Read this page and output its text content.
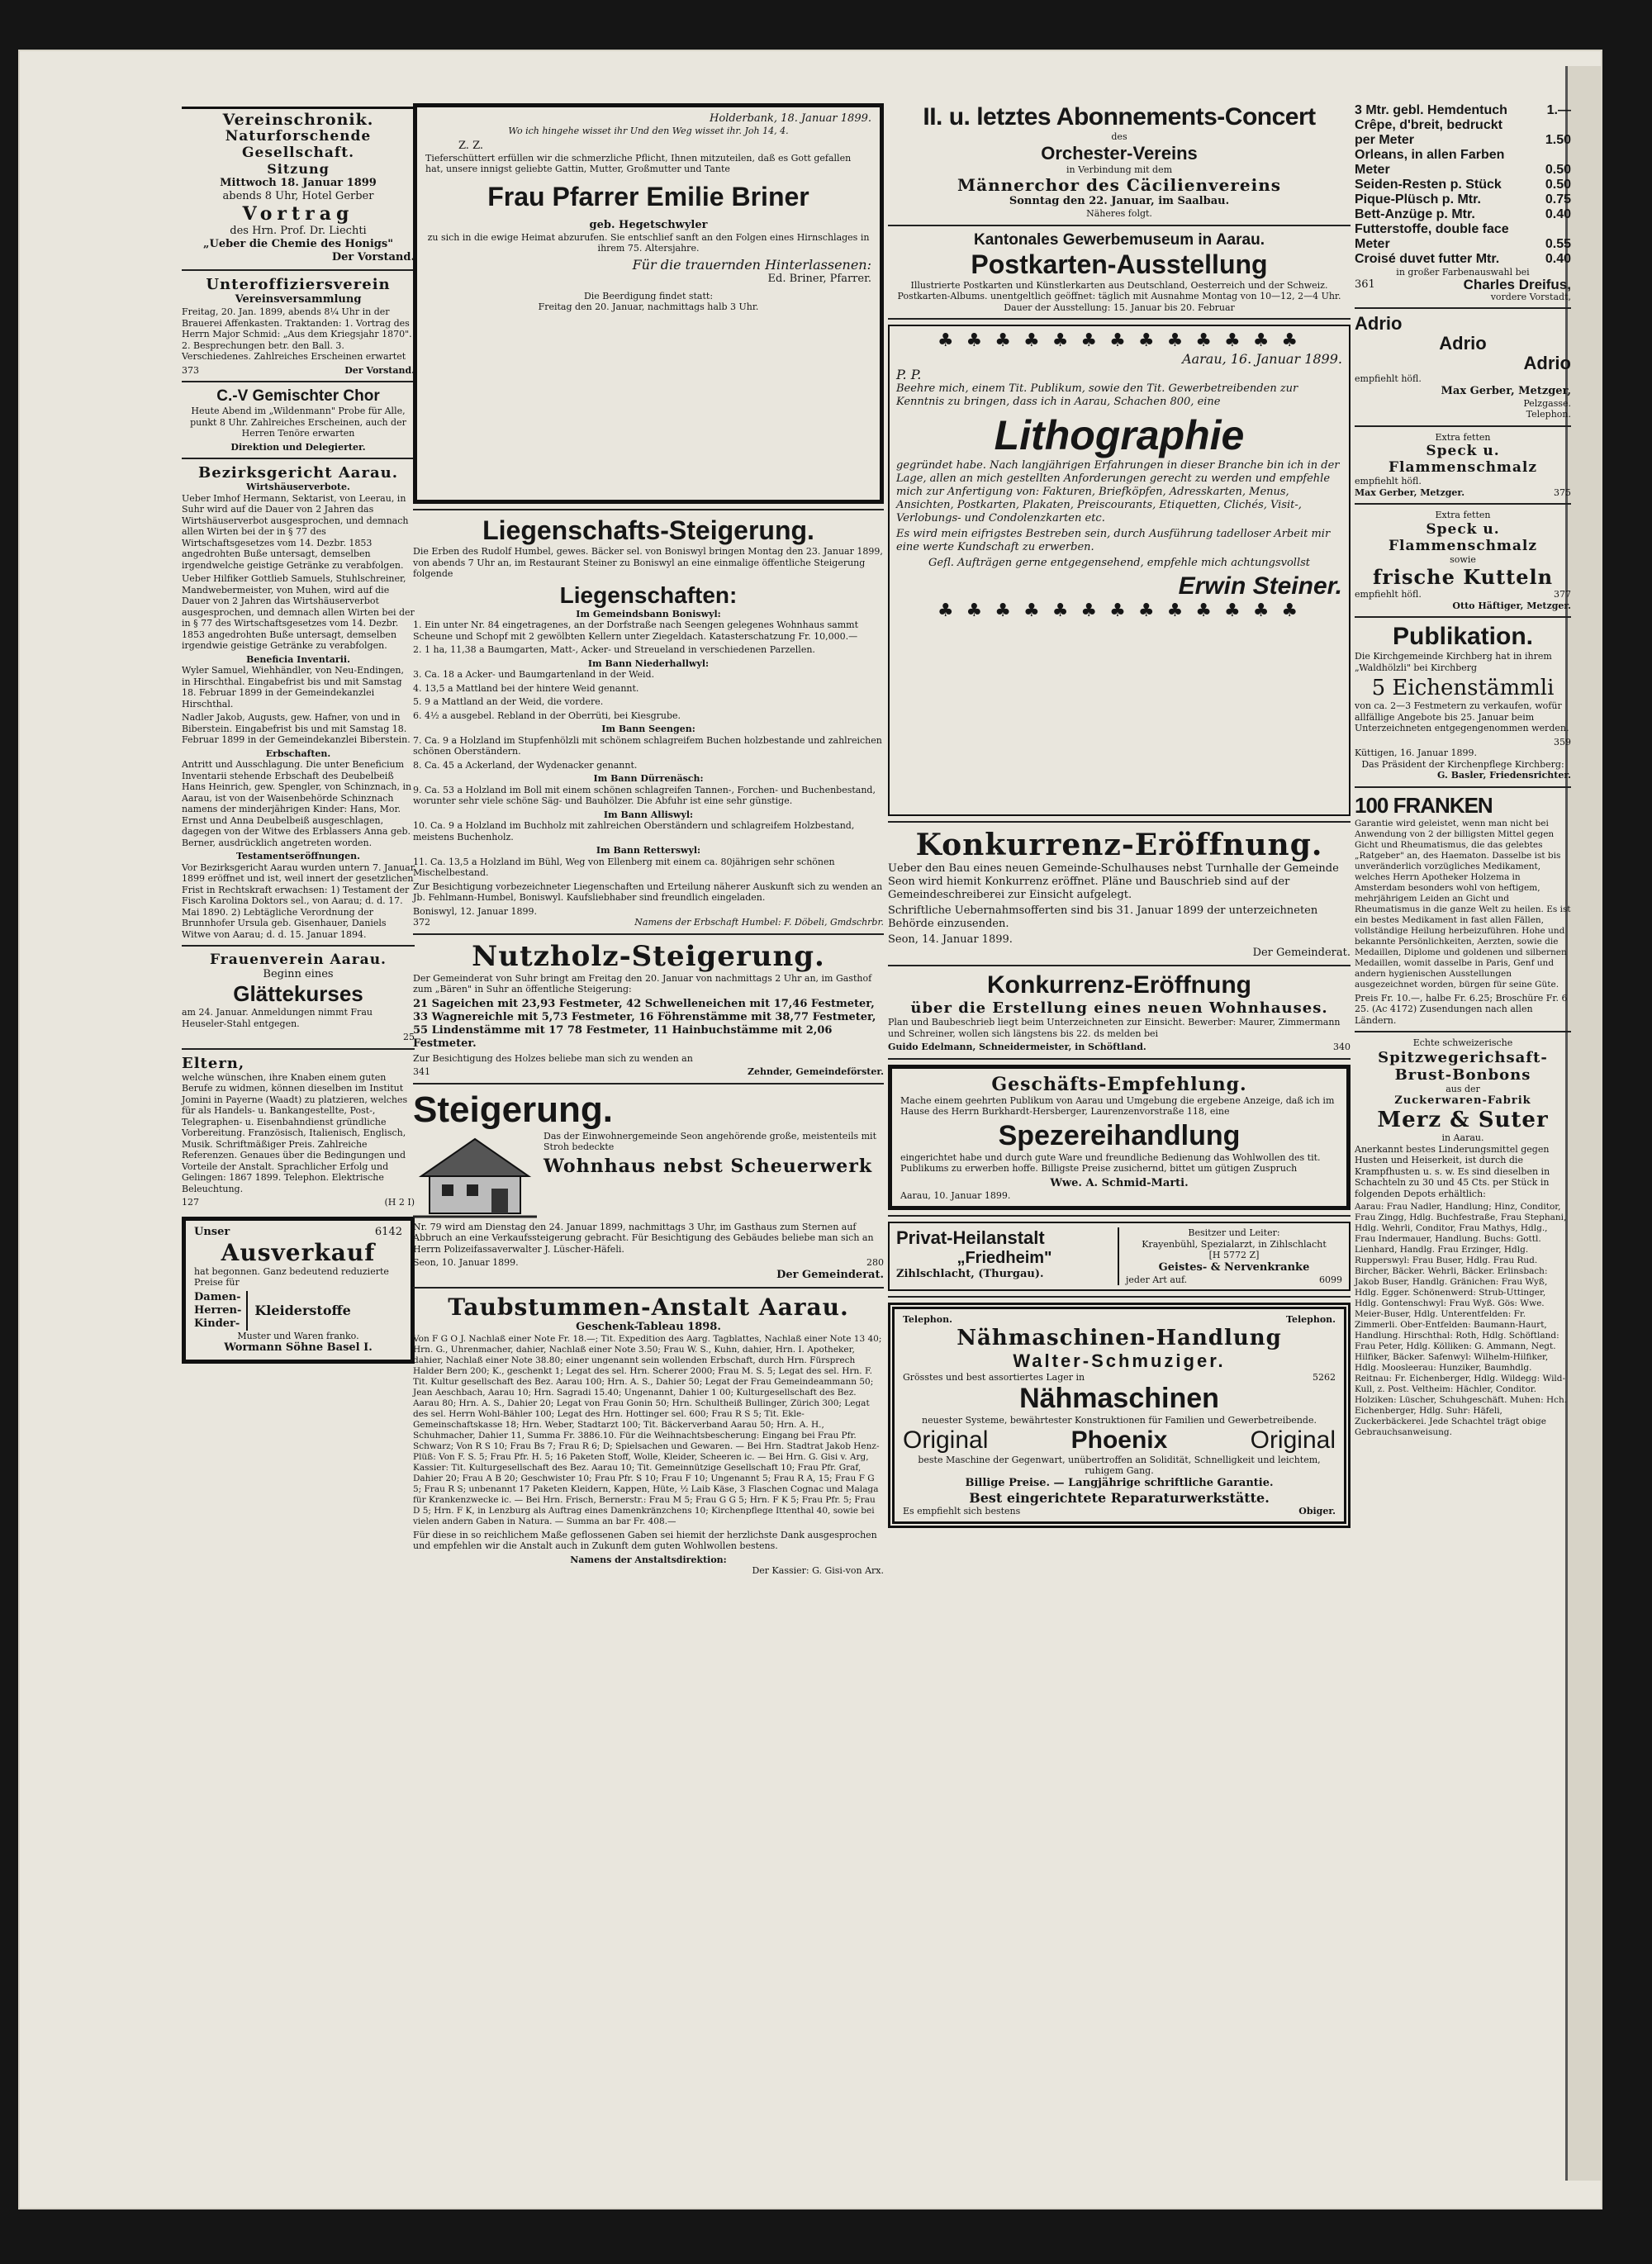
Vereinschronik.
Naturforschende Gesellschaft.
Sitzung
Mittwoch 18. Januar 1899
abends 8 Uhr, Hotel Gerber
Vortrag
des Hrn. Prof. Dr. Liechti
„Ueber die Chemie des Honigs"
Der Vorstand.
Unteroffiziersverein
Vereinsversammlung

Freitag, 20. Jan. 1899, abends 8¼ Uhr in der Brauerei Affenkasten. Traktanden: 1. Vortrag des Herrn Major Schmid: „Aus dem Kriegsjahr 1870". 2. Besprechungen betr. den Ball. 3. Verschiedenes. Zahlreiches Erscheinen erwartet

373	Der Vorstand.
C.-V Gemischter Chor

Heute Abend im „Wildenmann" Probe für Alle, punkt 8 Uhr. Zahlreiches Erscheinen, auch der Herren Tenöre erwarten

Direktion und Delegierter.
Bezirksgericht Aarau.
Wirtshäuserverbote.

Ueber Imhof Hermann, Sektarist, von Leerau, in Suhr wird auf die Dauer von 2 Jahren das Wirtshäuserverbot ausgesprochen, und demnach allen Wirten bei der in § 77 des Wirtschaftsgesetzes vom 14. Dezbr. 1853 angedrohten Buße untersagt, demselben irgendwelche geistige Getränke zu verabfolgen.

Ueber Hilfiker Gottlieb Samuels, Stuhlschreiner, Mandwebermeister, von Muhen, wird auf die Dauer von 2 Jahren das Wirtshäuserverbot ausgesprochen, und demnach allen Wirten bei der in § 77 des Wirtschaftsgesetzes vom 14. Dezbr. 1853 angedrohten Buße untersagt, demselben irgendwie geistige Getränke zu verabfolgen.

Beneficia Inventarii.

Wyler Samuel, Wiehhändler, von Neu-Endingen, in Hirschthal. Eingabefrist bis und mit Samstag 18. Februar 1899 in der Gemeindekanzlei Hirschthal.

Nadler Jakob, Augusts, gew. Hafner, von und in Biberstein. Eingabefrist bis und mit Samstag 18. Februar 1899 in der Gemeindekanzlei Biberstein.

Erbschaften.

Antritt und Ausschlagung. Die unter Beneficium Inventarii stehende Erbschaft des Deubelbeiß Hans Heinrich, gew. Spengler, von Schinznach, in Aarau, ist von der Waisenbehörde Schinznach namens der minderjährigen Kinder: Hans, Mor. Ernst und Anna Deubelbeiß ausgeschlagen, dagegen von der Witwe des Erblassers Anna geb. Berner, ausdrücklich angetreten worden.

Testamentseröffnungen.

Vor Bezirksgericht Aarau wurden untern 7. Januar 1899 eröffnet und ist, weil innert der gesetzlichen Frist in Rechtskraft erwachsen: 1) Testament der Fisch Karolina Doktors sel., von Aarau; d. d. 17. Mai 1890. 2) Lebtägliche Verordnung der Brunnhofer Ursula geb. Gisenhauer, Daniels Witwe von Aarau; d. d. 15. Januar 1894.

Frauenverein Aarau.
Beginn eines
Glättekurses

am 24. Januar. Anmeldungen nimmt Frau Heuseler-Stahl entgegen.

25
Eltern,

welche wünschen, ihre Knaben einem guten Berufe zu widmen, können dieselben im Institut Jomini in Payerne (Waadt) zu platzieren, welches für als Handels- u. Bankangestellte, Post-, Telegraphen- u. Eisenbahndienst gründliche Vorbereitung. Französisch, Italienisch, Englisch, Musik. Schriftmäßiger Preis. Zahlreiche Referenzen. Genaues über die Bedingungen und Vorteile der Anstalt. Sprachlicher Erfolg und Gelingen: 1867 1899. Telephon. Elektrische Beleuchtung.

127	(H 2 I)
Unser	6142
Ausverkauf

hat begonnen. Ganz bedeutend reduzierte Preise für

Damen-
Herren-
Kinder-
Kleiderstoffe
Muster und Waren franko.
Wormann Söhne Basel I.
Holderbank, 18. Januar 1899.

Wo ich hingehe wisset ihr Und den Weg wisset ihr. Joh 14, 4.

Z. Z.

Tieferschüttert erfüllen wir die schmerzliche Pflicht, Ihnen mitzuteilen, daß es Gott gefallen hat, unsere innigst geliebte Gattin, Mutter, Großmutter und Tante

Frau Pfarrer Emilie Briner
geb. Hegetschwyler

zu sich in die ewige Heimat abzurufen. Sie entschlief sanft an den Folgen eines Hirnschlages in ihrem 75. Altersjahre.

Für die trauernden Hinterlassenen:
Ed. Briner, Pfarrer.
Die Beerdigung findet statt:
Freitag den 20. Januar, nachmittags halb 3 Uhr.
Liegenschafts-Steigerung.

Die Erben des Rudolf Humbel, gewes. Bäcker sel. von Boniswyl bringen Montag den 23. Januar 1899, von abends 7 Uhr an, im Restaurant Steiner zu Boniswyl an eine einmalige öffentliche Steigerung folgende

Liegenschaften:
Im Gemeindsbann Boniswyl:

1. Ein unter Nr. 84 eingetragenes, an der Dorfstraße nach Seengen gelegenes Wohnhaus sammt Scheune und Schopf mit 2 gewölbten Kellern unter Ziegeldach. Katasterschatzung Fr. 10,000.—

2. 1 ha, 11,38 a Baumgarten, Matt-, Acker- und Streueland in verschiedenen Parzellen.

Im Bann Niederhallwyl:

3. Ca. 18 a Acker- und Baumgartenland in der Weid.

4. 13,5 a Mattland bei der hintere Weid genannt.

5. 9 a Mattland an der Weid, die vordere.

6. 4½ a ausgebel. Rebland in der Oberrüti, bei Kiesgrube.

Im Bann Seengen:

7. Ca. 9 a Holzland im Stupfenhölzli mit schönem schlagreifem Buchen holzbestande und zahlreichen schönen Oberständern.

8. Ca. 45 a Ackerland, der Wydenacker genannt.

Im Bann Dürrenäsch:

9. Ca. 53 a Holzland im Boll mit einem schönen schlagreifen Tannen-, Forchen- und Buchenbestand, worunter sehr viele schöne Säg- und Bauhölzer. Die Abfuhr ist eine sehr günstige.

Im Bann Alliswyl:

10. Ca. 9 a Holzland im Buchholz mit zahlreichen Oberständern und schlagreifem Holzbestand, meistens Buchenholz.

Im Bann Retterswyl:

11. Ca. 13,5 a Holzland im Bühl, Weg von Ellenberg mit einem ca. 80jährigen sehr schönen Mischelbestand.

Zur Besichtigung vorbezeichneter Liegenschaften und Erteilung näherer Auskunft sich zu wenden an Jb. Fehlmann-Humbel, Boniswyl. Kaufsliebhaber sind freundlich eingeladen.

Boniswyl, 12. Januar 1899.
372	Namens der Erbschaft Humbel: F. Döbeli, Gmdschrbr.
Nutzholz-Steigerung.

Der Gemeinderat von Suhr bringt am Freitag den 20. Januar von nachmittags 2 Uhr an, im Gasthof zum „Bären" in Suhr an öffentliche Steigerung:

21 Sageichen mit 23,93 Festmeter, 42 Schwelleneichen mit 17,46 Festmeter, 33 Wagnereichle mit 5,73 Festmeter, 16 Föhrenstämme mit 38,77 Festmeter, 55 Lindenstämme mit 17 78 Festmeter, 11 Hainbuchstämme mit 2,06 Festmeter.

Zur Besichtigung des Holzes beliebe man sich zu wenden an

341	Zehnder, Gemeindeförster.
Steigerung.

Das der Einwohnergemeinde Seon angehörende große, meistenteils mit Stroh bedeckte

Wohnhaus nebst Scheuerwerk

Nr. 79 wird am Dienstag den 24. Januar 1899, nachmittags 3 Uhr, im Gasthaus zum Sternen auf Abbruch an eine Verkaufssteigerung gebracht. Für Besichtigung des Gebäudes beliebe man sich an Herrn Polizeifassaverwalter J. Lüscher-Häfeli.

Seon, 10. Januar 1899.	280
Der Gemeinderat.
Taubstummen-Anstalt Aarau.
Geschenk-Tableau 1898.

Von F G O J. Nachlaß einer Note Fr. 18.—; Tit. Expedition des Aarg. Tagblattes, Nachlaß einer Note 13 40; Hrn. G., Uhrenmacher, dahier, Nachlaß einer Note 3.50; Frau W. S., Kuhn, dahier, Hrn. I. Apotheker, dahier, Nachlaß einer Note 38.80; einer ungenannt sein wollenden Erbschaft, durch Hrn. Fürsprech Halder Bern 200; K., geschenkt 1; Legat des sel. Hrn. Scherer 2000; Frau M. S. 5; Legat des sel. Hrn. F. Tit. Kultur gesellschaft des Bez. Aarau 100; Hrn. A. S., Dahier 50; Legat der Frau Gemeindeammann 50; Jean Aeschbach, Aarau 10; Hrn. Sagradi 15.40; Ungenannt, Dahier 1 00; Kulturgesellschaft des Bez. Aarau 80; Hrn. A. S., Dahier 20; Legat von Frau Gonin 50; Hrn. Schultheiß Bullinger, Zürich 300; Legat des sel. Herrn Wohl-Bähler 100; Legat des Hrn. Hottinger sel. 600; Frau R S 5; Tit. Ekle-Gemeinschaftskasse 18; Hrn. Weber, Stadtarzt 100; Tit. Bäckerverband Aarau 50; Hrn. A. H., Schuhmacher, Dahier 11, Summa Fr. 3886.10. Für die Weihnachtsbescherung: Eingang bei Frau Pfr. Schwarz; Von R S 10; Frau Bs 7; Frau R 6; D; Spielsachen und Gewaren. — Bei Hrn. Stadtrat Jakob Henz-Plüß: Von F. S. 5; Frau Pfr. H. 5; 16 Paketen Stoff, Wolle, Kleider, Scheeren ic. — Bei Hrn. G. Gisi v. Arg, Kassier: Tit. Kulturgesellschaft des Bez. Aarau 10; Tit. Gemeinnützige Gesellschaft 10; Frau Pfr. Graf, Dahier 20; Frau A B 20; Geschwister 10; Frau Pfr. S 10; Frau F 10; Ungenannt 5; Frau R A, 15; Frau F G 5; Frau R S; unbenannt 17 Paketen Kleidern, Kappen, Hüte, ½ Laib Käse, 3 Flaschen Cognac und Malaga für Krankenzwecke ic. — Bei Hrn. Frisch, Bernerstr.: Frau M 5; Frau G G 5; Hrn. F K 5; Frau Pfr. 5; Frau D 5; Hrn. F K, in Lenzburg als Auftrag eines Damenkränzchens 10; Kirchenpflege Ittenthal 40, sowie bei vielen andern Gaben in Natura. — Summa an bar Fr. 408.—

Für diese in so reichlichem Maße geflossenen Gaben sei hiemit der herzlichste Dank ausgesprochen und empfehlen wir die Anstalt auch in Zukunft dem guten Wohlwollen bestens.

Namens der Anstaltsdirektion:
Der Kassier: G. Gisi-von Arx.
II. u. letztes Abonnements-Concert
des
Orchester-Vereins
in Verbindung mit dem
Männerchor des Cäcilienvereins
Sonntag den 22. Januar, im Saalbau.
Näheres folgt.
Kantonales Gewerbemuseum in Aarau.
Postkarten-Ausstellung

Illustrierte Postkarten und Künstlerkarten aus Deutschland, Oesterreich und der Schweiz. Postkarten-Albums. unentgeltlich geöffnet: täglich mit Ausnahme Montag von 10—12, 2—4 Uhr. Dauer der Ausstellung: 15. Januar bis 20. Februar

♣ ♣ ♣ ♣ ♣ ♣ ♣ ♣ ♣ ♣ ♣ ♣ ♣
Aarau, 16. Januar 1899.
P. P.

Beehre mich, einem Tit. Publikum, sowie den Tit. Gewerbetreibenden zur Kenntnis zu bringen, dass ich in Aarau, Schachen 800, eine

Lithographie

gegründet habe. Nach langjährigen Erfahrungen in dieser Branche bin ich in der Lage, allen an mich gestellten Anforderungen gerecht zu werden und empfehle mich zur Anfertigung von: Fakturen, Briefköpfen, Adresskarten, Menus, Ansichten, Postkarten, Plakaten, Preiscourants, Etiquetten, Clichés, Visit-, Verlobungs- und Condolenzkarten etc.

Es wird mein eifrigstes Bestreben sein, durch Ausführung tadelloser Arbeit mir eine werte Kundschaft zu erwerben.

Gefl. Aufträgen gerne entgegensehend, empfehle mich achtungsvollst

Erwin Steiner.
♣ ♣ ♣ ♣ ♣ ♣ ♣ ♣ ♣ ♣ ♣ ♣ ♣
Konkurrenz-Eröffnung.

Ueber den Bau eines neuen Gemeinde-Schulhauses nebst Turnhalle der Gemeinde Seon wird hiemit Konkurrenz eröffnet. Pläne und Bauschrieb sind auf der Gemeindeschreiberei zur Einsicht aufgelegt.

Schriftliche Uebernahmsofferten sind bis 31. Januar 1899 der unterzeichneten Behörde einzusenden.

Seon, 14. Januar 1899.
Der Gemeinderat.
Konkurrenz-Eröffnung
über die Erstellung eines neuen Wohnhauses.

Plan und Baubeschrieb liegt beim Unterzeichneten zur Einsicht. Bewerber: Maurer, Zimmermann und Schreiner, wollen sich längstens bis 22. ds melden bei

Guido Edelmann, Schneidermeister, in Schöftland.	340
Geschäfts-Empfehlung.

Mache einem geehrten Publikum von Aarau und Umgebung die ergebene Anzeige, daß ich im Hause des Herrn Burkhardt-Hersberger, Laurenzenvorstraße 118, eine

Spezereihandlung

eingerichtet habe und durch gute Ware und freundliche Bedienung das Wohlwollen des tit. Publikums zu erwerben hoffe. Billigste Preise zusichernd, bittet um gütigen Zuspruch

Wwe. A. Schmid-Marti.
Aarau, 10. Januar 1899.
Privat-Heilanstalt
„Friedheim"
Zihlschlacht, (Thurgau).
Besitzer und Leiter:
Krayenbühl, Spezialarzt, in Zihlschlacht
[H 5772 Z]
Geistes- & Nervenkranke
jeder Art auf.	6099
Telephon.	Telephon.
Nähmaschinen-Handlung
Walter-Schmuziger.
Grösstes und best assortiertes Lager in	5262
Nähmaschinen
neuester Systeme, bewährtester Konstruktionen für Familien und Gewerbetreibende.
Original	Phoenix	Original
beste Maschine der Gegenwart, unübertroffen an Solidität, Schnelligkeit und leichtem, ruhigem Gang.
Billige Preise. — Langjährige schriftliche Garantie.
Best eingerichtete Reparaturwerkstätte.
Es empfiehlt sich bestens	Obiger.
3 Mtr. gebl. Hemdentuch	1.—
Crêpe, d'breit, bedruckt
per Meter	1.50
Orleans, in allen Farben
Meter	0.50
Seiden-Resten p. Stück	0.50
Pique-Plüsch p. Mtr.	0.75
Bett-Anzüge p. Mtr.	0.40
Futterstoffe, double face
Meter	0.55
Croisé duvet futter Mtr.	0.40
in großer Farbenauswahl bei
361	Charles Dreifus,
vordere Vorstadt,
Adrio
Adrio
Adrio
empfiehlt höfl.
Max Gerber, Metzger,
Pelzgasse.
Telephon.
Extra fetten
Speck u. Flammenschmalz
empfiehlt höfl.
Max Gerber, Metzger.	375
Extra fetten
Speck u. Flammenschmalz
sowie
frische Kutteln
empfiehlt höfl.	377
Otto Häftiger, Metzger.
Publikation.

Die Kirchgemeinde Kirchberg hat in ihrem „Waldhölzli" bei Kirchberg

5 Eichenstämmli

von ca. 2—3 Festmetern zu verkaufen, wofür allfällige Angebote bis 25. Januar beim Unterzeichneten entgegengenommen werden.

359
Küttigen, 16. Januar 1899.
Das Präsident der Kirchenpflege Kirchberg:
G. Basler, Friedensrichter.
100 FRANKEN

Garantie wird geleistet, wenn man nicht bei Anwendung von 2 der billigsten Mittel gegen Gicht und Rheumatismus, die das gelebtes „Ratgeber" an, des Haematon. Dasselbe ist bis unveränderlich vorzügliches Medikament, welches Herrn Apotheker Holzema in Amsterdam besonders wohl von heftigem, mehrjährigem Leiden an Gicht und Rheumatismus in die ganze Welt zu heilen. Es ist ein bestes Medikament in fast allen Fällen, vollständige Heilung herbeizuführen. Hohe und bekannte Persönlichkeiten, Aerzten, sowie die Medaillen, Diplome und goldenen und silbernen Medaillen, womit dasselbe in Paris, Genf und andern hygienischen Ausstellungen ausgezeichnet worden, bürgen für seine Güte.

Preis Fr. 10.—, halbe Fr. 6.25; Broschüre Fr. 6 25. (Ac 4172) Zusendungen nach allen Ländern.

Echte schweizerische
Spitzwegerichsaft-
Brust-Bonbons
aus der
Zuckerwaren-Fabrik
Merz & Suter
in Aarau.

Anerkannt bestes Linderungsmittel gegen Husten und Heiserkeit, ist durch die Krampfhusten u. s. w. Es sind dieselben in Schachteln zu 30 und 45 Cts. per Stück in folgenden Depots erhältlich:

Aarau: Frau Nadler, Handlung; Hinz, Conditor, Frau Zingg, Hdlg. Buchfestraße, Frau Stephani, Hdlg. Wehrli, Conditor, Frau Mathys, Hdlg., Frau Indermauer, Handlung. Buchs: Gottl. Lienhard, Handlg. Frau Erzinger, Hdlg. Rupperswyl: Frau Buser, Hdlg. Frau Rud. Bircher, Bäcker. Wehrli, Bäcker. Erlinsbach: Jakob Buser, Handlg. Gränichen: Frau Wyß, Hdlg. Egger. Schönenwerd: Strub-Uttinger, Hdlg. Gontenschwyl: Frau Wyß. Gös: Wwe. Meier-Buser, Hdlg. Unterentfelden: Fr. Zimmerli. Ober-Entfelden: Baumann-Haurt, Handlung. Hirschthal: Roth, Hdlg. Schöftland: Frau Peter, Hdlg. Kölliken: G. Ammann, Negt. Hilfiker, Bäcker. Safenwyl: Wilhelm-Hilfiker, Hdlg. Moosleerau: Hunziker, Baumhdlg. Reitnau: Fr. Eichenberger, Hdlg. Wildegg: Wild-Kull, z. Post. Veltheim: Hächler, Conditor. Holziken: Lüscher, Schuhgeschäft. Muhen: Hch. Eichenberger, Hdlg. Suhr: Häfeli, Zuckerbäckerei. Jede Schachtel trägt obige Gebrauchsanweisung.
